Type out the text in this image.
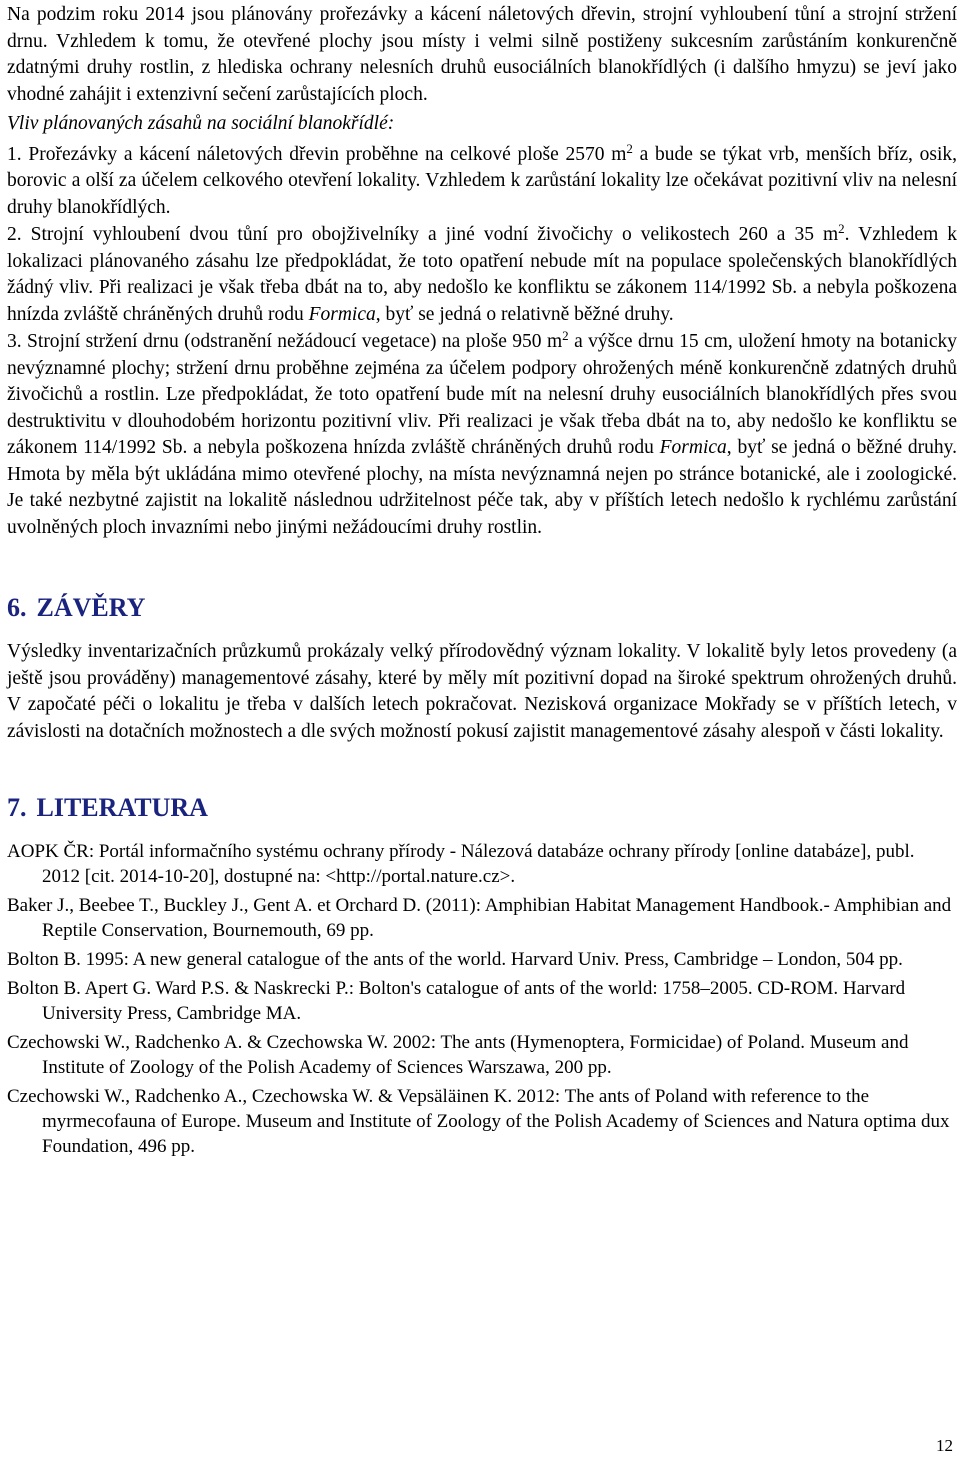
Na podzim roku 2014 jsou plánovány prořezávky a kácení náletových dřevin, strojní vyhloubení tůní a strojní stržení drnu. Vzhledem k tomu, že otevřené plochy jsou místy i velmi silně postiženy sukcesním zarůstáním konkurenčně zdatnými druhy rostlin, z hlediska ochrany nelesních druhů eusociálních blanokřídlých (i dalšího hmyzu) se jeví jako vhodné zahájit i extenzivní sečení zarůstajících ploch.

Vliv plánovaných zásahů na sociální blanokřídlé:

1. Prořezávky a kácení náletových dřevin proběhne na celkové ploše 2570 $m^2$ a bude se týkat vrb, menších bříz, osik, borovic a olší za účelem celkového otevření lokality. Vzhledem k zarůstání lokality lze očekávat pozitivní vliv na nelesní druhy blanokřídlých.

2. Strojní vyhloubení dvou tůní pro obojživelníky a jiné vodní živočichy o velikostech 260 a 35 $m^2$. Vzhledem k lokalizaci plánovaného zásahu lze předpokládat, že toto opatření nebude mít na populace společenských blanokřídlých žádný vliv. Při realizaci je však třeba dbát na to, aby nedošlo ke konfliktu se zákonem 114/1992 Sb. a nebyla poškozena hnízda zvláště chráněných druhů rodu Formica, byť se jedná o relativně běžné druhy.

3. Strojní stržení drnu (odstranění nežádoucí vegetace) na ploše 950 $m^2$ a výšce drnu 15 cm, uložení hmoty na botanicky nevýznamné plochy; stržení drnu proběhne zejména za účelem podpory ohrožených méně konkurenčně zdatných druhů živočichů a rostlin. Lze předpokládat, že toto opatření bude mít na nelesní druhy eusociálních blanokřídlých přes svou destruktivitu v dlouhodobém horizontu pozitivní vliv. Při realizaci je však třeba dbát na to, aby nedošlo ke konfliktu se zákonem 114/1992 Sb. a nebyla poškozena hnízda zvláště chráněných druhů rodu Formica, byť se jedná o běžné druhy. Hmota by měla být ukládána mimo otevřené plochy, na místa nevýznamná nejen po stránce botanické, ale i zoologické. Je také nezbytné zajistit na lokalitě následnou udržitelnost péče tak, aby v příštích letech nedošlo k rychlému zarůstání uvolněných ploch invazními nebo jinými nežádoucími druhy rostlin.

6. ZÁVĚRY

Výsledky inventarizačních průzkumů prokázaly velký přírodovědný význam lokality. V lokalitě byly letos provedeny (a ještě jsou prováděny) managementové zásahy, které by měly mít pozitivní dopad na široké spektrum ohrožených druhů. V započaté péči o lokalitu je třeba v dalších letech pokračovat. Nezisková organizace Mokřady se v příštích letech, v závislosti na dotačních možnostech a dle svých možností pokusí zajistit managementové zásahy alespoň v části lokality.

7. LITERATURA

AOPK ČR: Portál informačního systému ochrany přírody - Nálezová databáze ochrany přírody [online databáze], publ. 2012 [cit. 2014-10-20], dostupné na: <http://portal.nature.cz>.

Baker J., Beebee T., Buckley J., Gent A. et Orchard D. (2011): Amphibian Habitat Management Handbook.- Amphibian and Reptile Conservation, Bournemouth, 69 pp.

Bolton B. 1995: A new general catalogue of the ants of the world. Harvard Univ. Press, Cambridge – London, 504 pp.

Bolton B. Apert G. Ward P.S. & Naskrecki P.: Bolton's catalogue of ants of the world: 1758–2005. CD-ROM. Harvard University Press, Cambridge MA.

Czechowski W., Radchenko A. & Czechowska W. 2002: The ants (Hymenoptera, Formicidae) of Poland. Museum and Institute of Zoology of the Polish Academy of Sciences Warszawa, 200 pp.

Czechowski W., Radchenko A., Czechowska W. & Vepsäläinen K. 2012: The ants of Poland with reference to the myrmecofauna of Europe. Museum and Institute of Zoology of the Polish Academy of Sciences and Natura optima dux Foundation, 496 pp.

12
